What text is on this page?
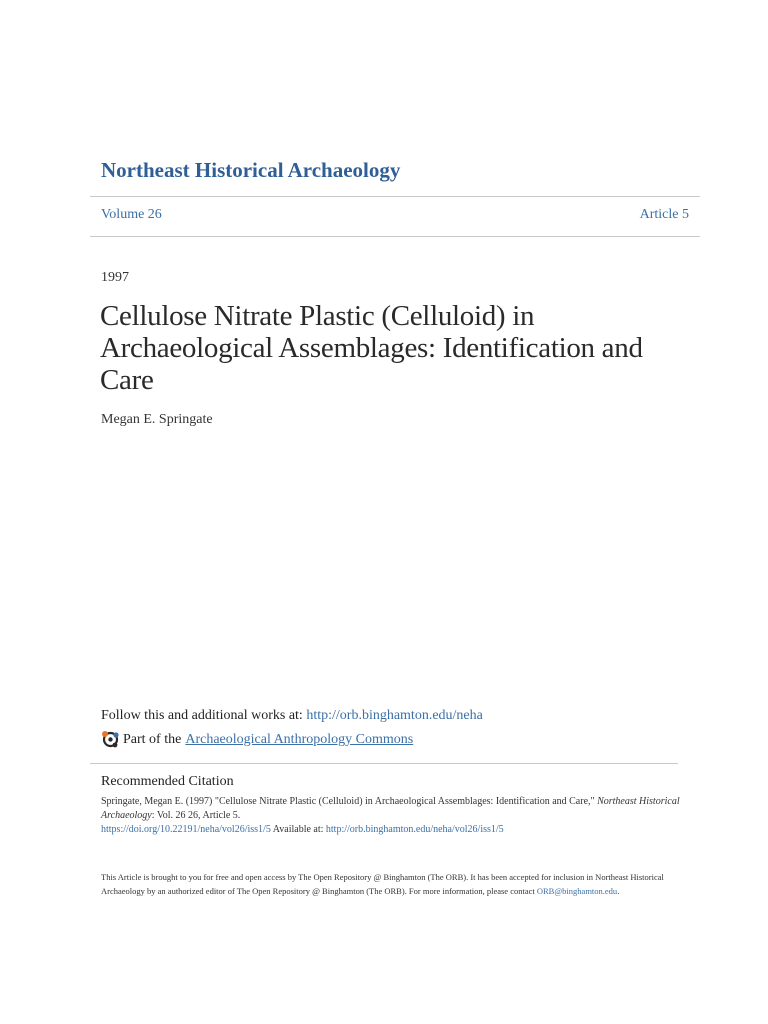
Northeast Historical Archaeology
Volume 26	Article 5
1997
Cellulose Nitrate Plastic (Celluloid) in Archaeological Assemblages: Identification and Care
Megan E. Springate
Follow this and additional works at: http://orb.binghamton.edu/neha
Part of the Archaeological Anthropology Commons
Recommended Citation
Springate, Megan E. (1997) "Cellulose Nitrate Plastic (Celluloid) in Archaeological Assemblages: Identification and Care," Northeast Historical Archaeology: Vol. 26 26, Article 5.
https://doi.org/10.22191/neha/vol26/iss1/5 Available at: http://orb.binghamton.edu/neha/vol26/iss1/5
This Article is brought to you for free and open access by The Open Repository @ Binghamton (The ORB). It has been accepted for inclusion in Northeast Historical Archaeology by an authorized editor of The Open Repository @ Binghamton (The ORB). For more information, please contact ORB@binghamton.edu.
